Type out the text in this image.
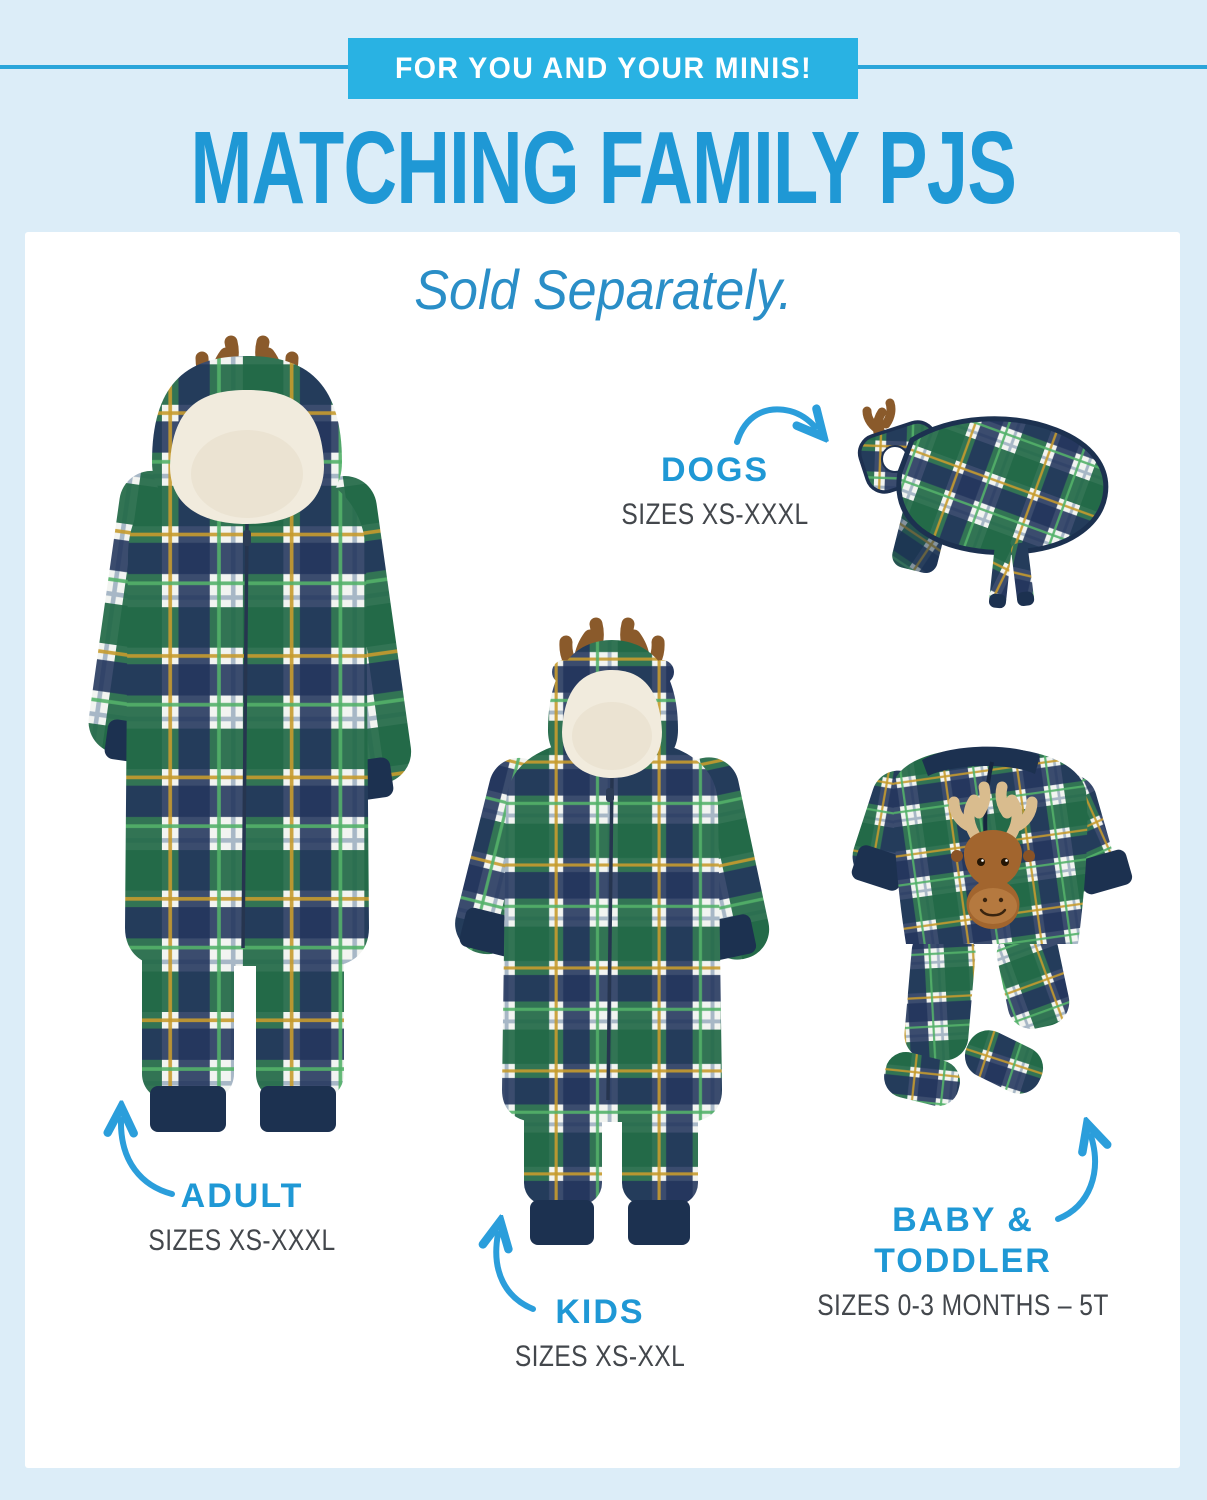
FOR YOU AND YOUR MINIS!
MATCHING FAMILY PJS
Sold Separately.
DOGS
SIZES XS-XXXL
ADULT
SIZES XS-XXXL
KIDS
SIZES XS-XXL
BABY &
TODDLER
SIZES 0-3 MONTHS – 5T
